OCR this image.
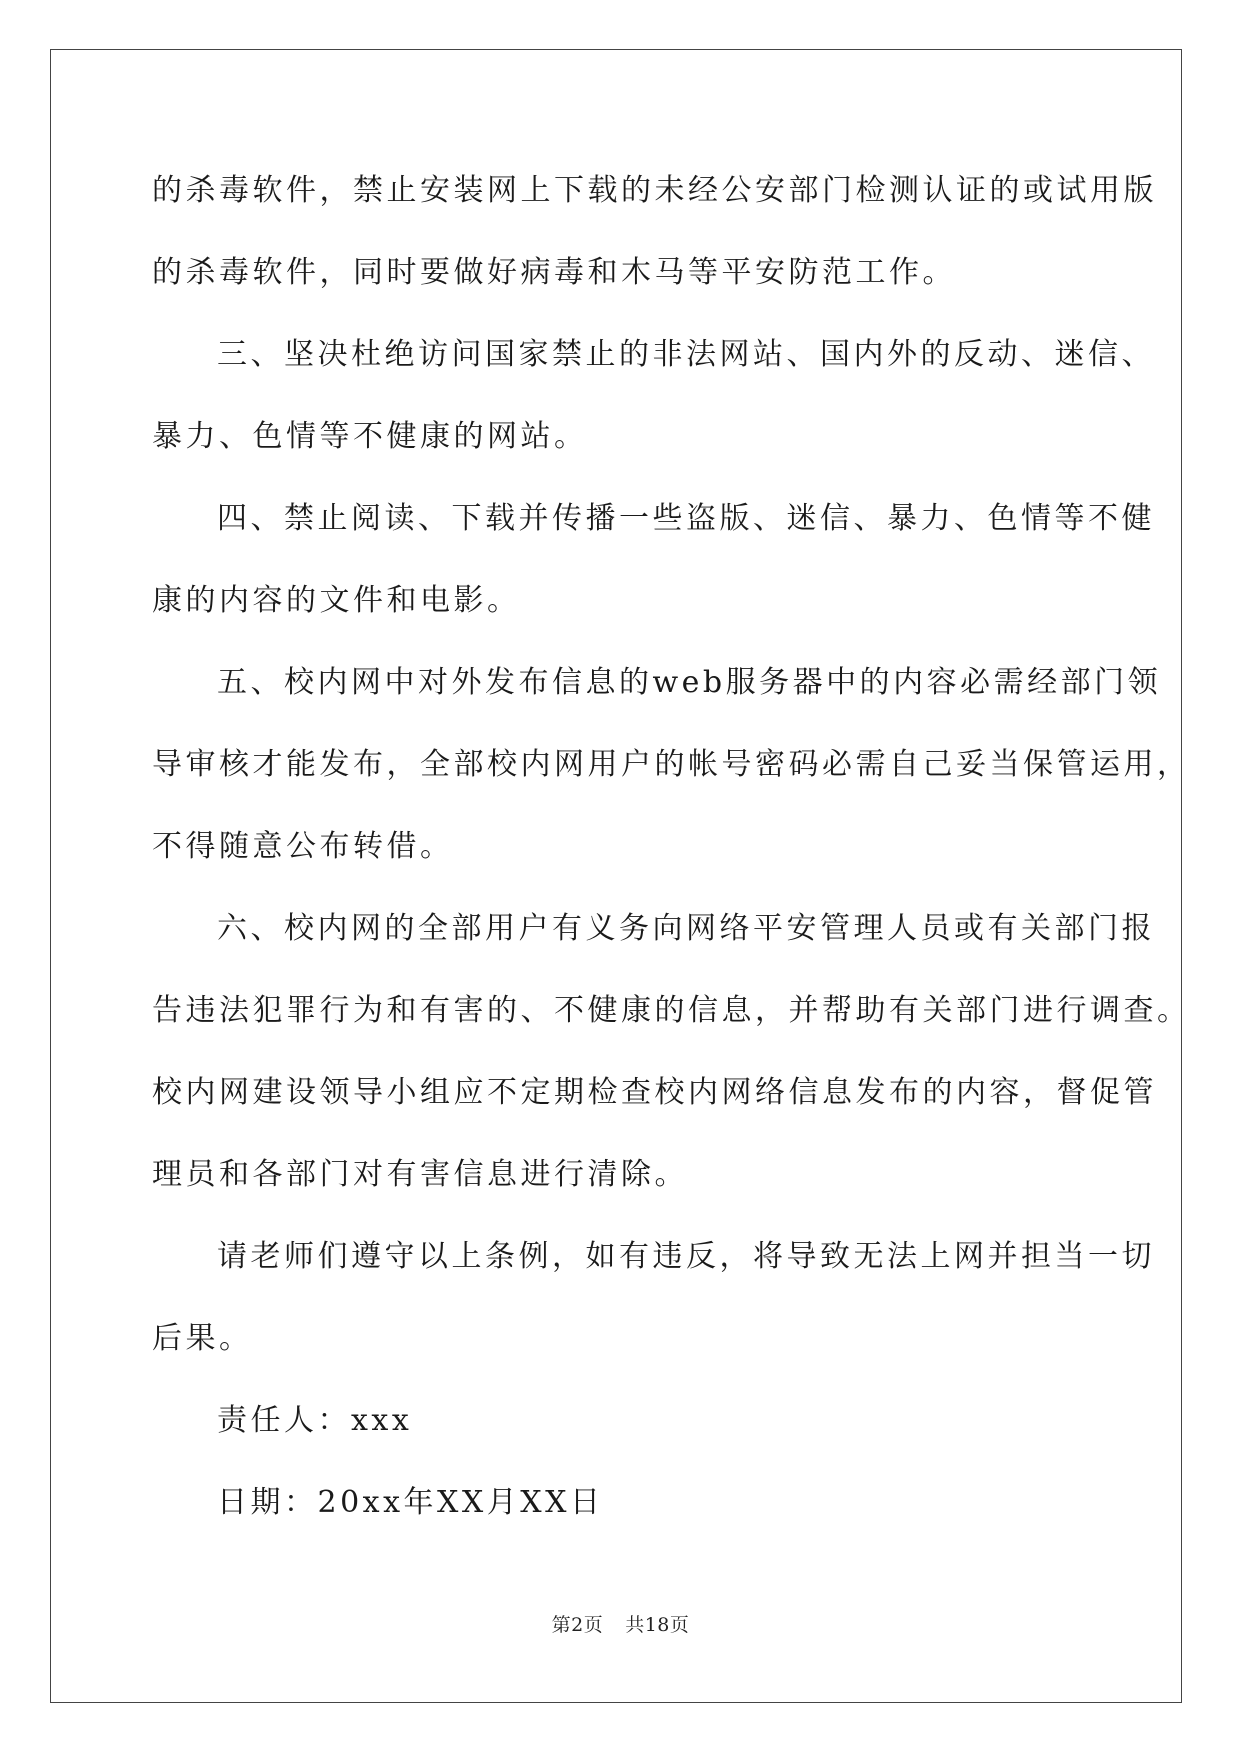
的杀毒软件，禁止安装网上下载的未经公安部门检测认证的或试用版
的杀毒软件，同时要做好病毒和木马等平安防范工作。
三、坚决杜绝访问国家禁止的非法网站、国内外的反动、迷信、
暴力、色情等不健康的网站。
四、禁止阅读、下载并传播一些盗版、迷信、暴力、色情等不健
康的内容的文件和电影。
五、校内网中对外发布信息的web服务器中的内容必需经部门领
导审核才能发布，全部校内网用户的帐号密码必需自己妥当保管运用，
不得随意公布转借。
六、校内网的全部用户有义务向网络平安管理人员或有关部门报
告违法犯罪行为和有害的、不健康的信息，并帮助有关部门进行调查。
校内网建设领导小组应不定期检查校内网络信息发布的内容，督促管
理员和各部门对有害信息进行清除。
请老师们遵守以上条例，如有违反，将导致无法上网并担当一切
后果。
责任人：xxx
日期：20xx年XX月XX日
第2页 共18页
